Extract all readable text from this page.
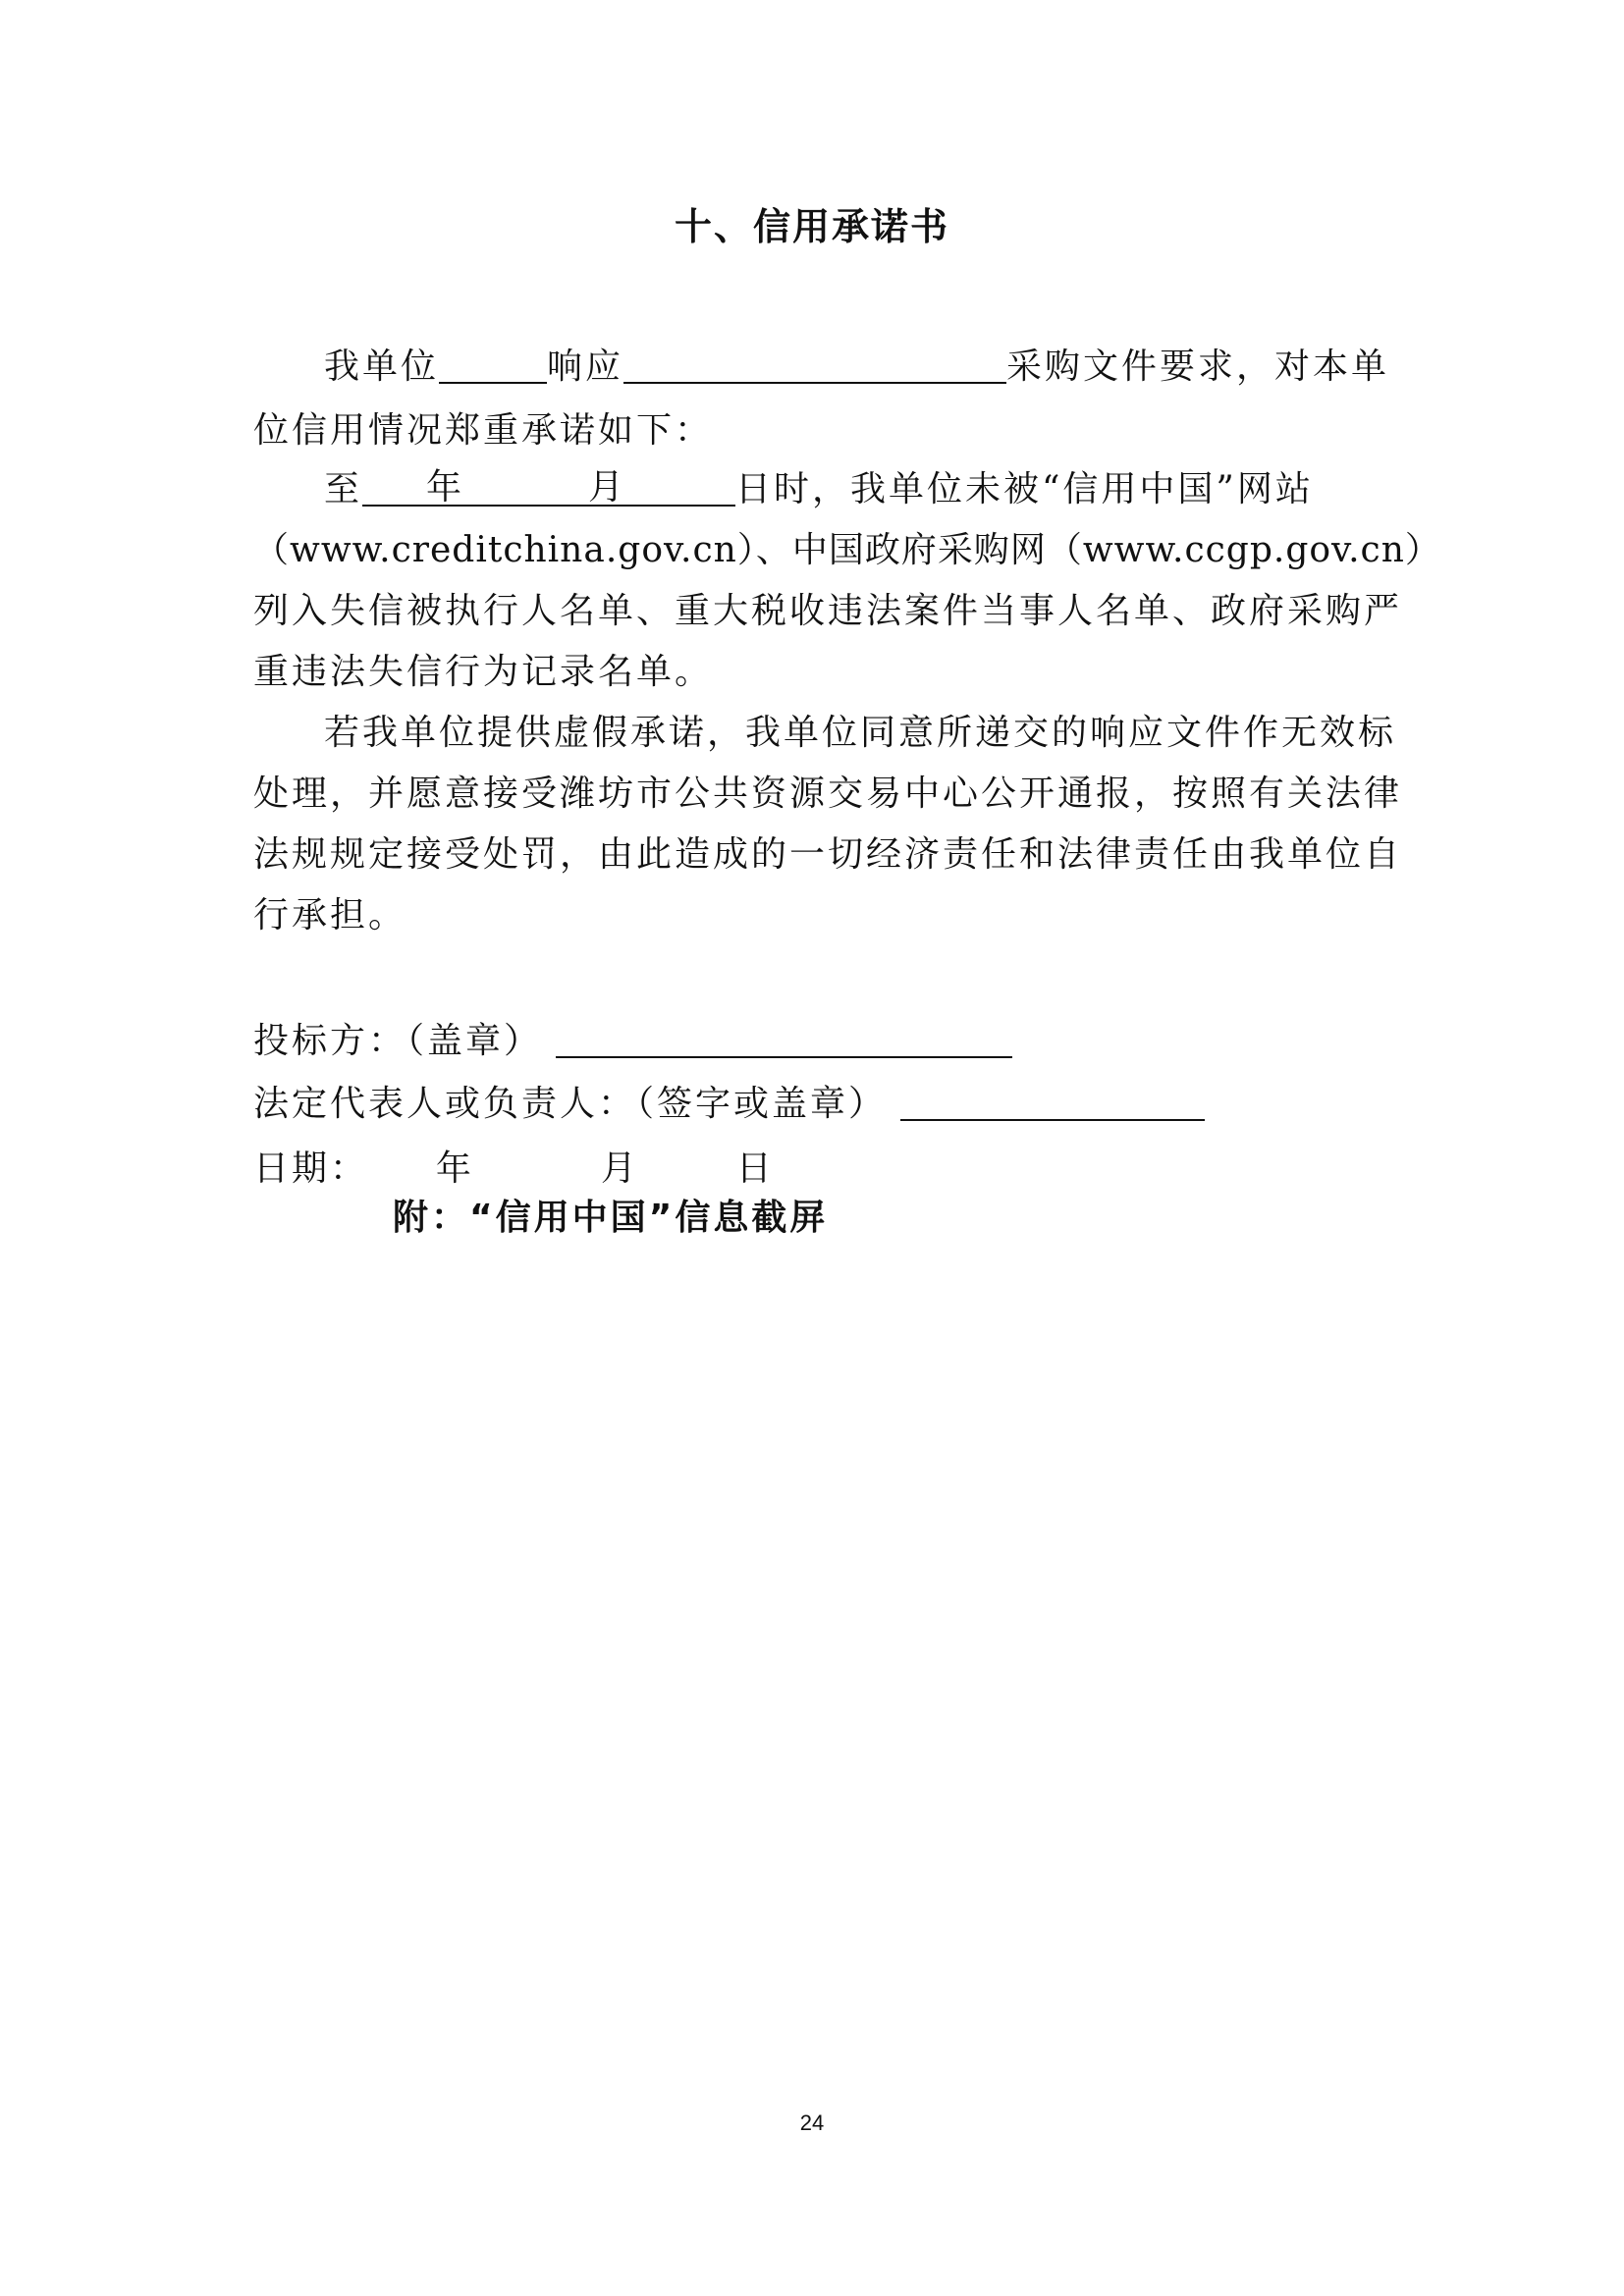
十、信用承诺书
我单位	响应	采购文件要求，对本单
位信用情况郑重承诺如下：
至 年	月	日时，我单位未被“信用中国”网站
（www.creditchina.gov.cn）、中国政府采购网（www.ccgp.gov.cn）
列入失信被执行人名单、重大税收违法案件当事人名单、政府采购严
重违法失信行为记录名单。
若我单位提供虚假承诺，我单位同意所递交的响应文件作无效标
处理，并愿意接受潍坊市公共资源交易中心公开通报，按照有关法律
法规规定接受处罚，由此造成的一切经济责任和法律责任由我单位自
行承担。
投标方：（盖章）
法定代表人或负责人：（签字或盖章）
日期： 年	月	日
附：“信用中国”信息截屏
24
